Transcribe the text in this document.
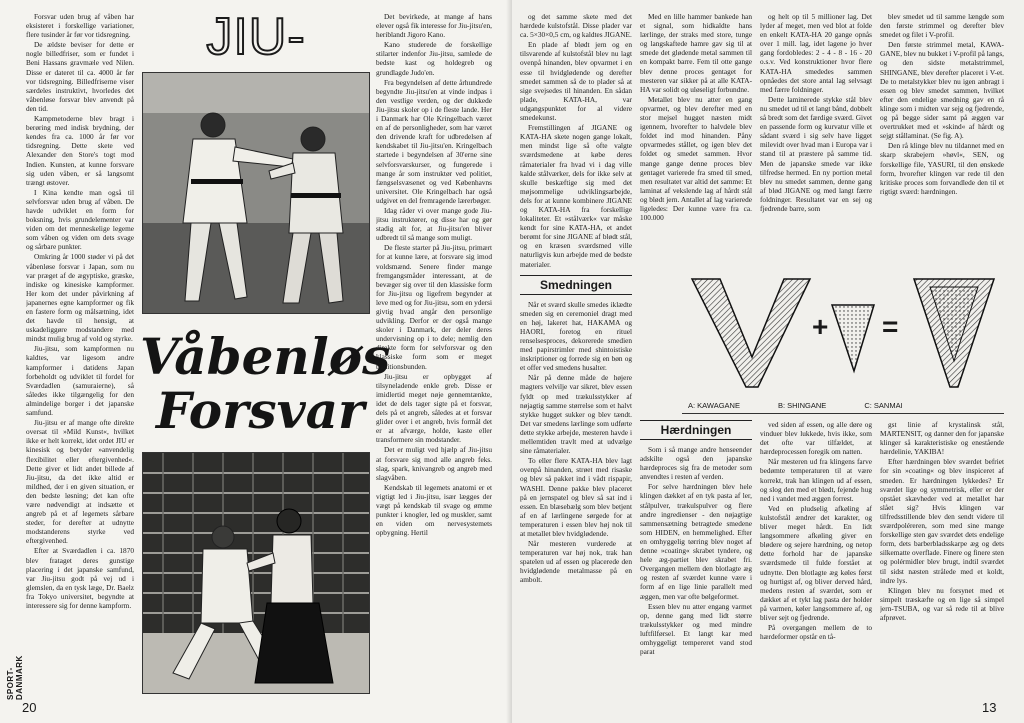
Forsvar uden brug af våben har eksisteret i forskellige variationer, flere tusinder år før vor tidsregning.

De ældste beviser for dette er nogle billedfriser, som er fundet i Beni Hassans gravmæle ved Nilen. Disse er dateret til ca. 4000 år før vor tidsregning. Billedfriserne viser særdeles instruktivt, hvorledes det våbenløse forsvar blev anvendt på den tid.

Kampmetoderne blev bragt i berøring med indisk brydning, der kendes fra ca. 1000 år før vor tidsregning. Dette skete ved Alexander den Store's togt mod Indien. Kunsten, at kunne forsvare sig uden våben, er så langsomt trængt østover.

I Kina kendte man også til selvforsvar uden brug af våben. De havde udviklet en form for boksning, hvis grundelementer var viden om det menneskelige legeme som våben og viden om dets svage og sårbare punkter.

Omkring år 1000 støder vi på det våbenløse forsvar i Japan, som nu var præget af de ægyptiske, græske, indiske og kinesiske kampformer. Her kom det under påvirkning af japanernes egne kampformer og fik en fastere form og målsætning, idet det havde til hensigt, at uskadeliggøre modstandere med mindst mulig brug af vold og styrke.

Jiu-jitsu, som kampformen nu kaldtes, var ligesom andre kampformer i datidens Japan forbeholdt og udviklet til fordel for Sværdadlen (samuraierne), så således ikke tilgængelig for den almindelige borger i det japanske samfund.

Jiu-jitsu er af mange ofte direkte oversat til »Mild Kunst«, hvilket ikke er helt korrekt, idet ordet JIU er kinesisk og betyder »anvendelig flexibilitet eller eftergivenhed«. Dette giver et lidt andet billede af Jiu-jitsu, da det ikke altid er mildhed, der i en given situation, er den bedste løsning; det kan ofte være nødvendigt at indsætte et angreb på et af legemets sårbare steder, for derefter at udnytte modstanderens styrke ved eftergivenhed.

Efter at Sværdadlen i ca. 1870 blev frataget deres gunstige placering i det japanske samfund, var Jiu-jitsu godt på vej ud i glemslen, da en tysk læge, Dr. Baelz fra Tokyo universitet, begyndte at interessere sig for denne kampform.

JIU-
Våbenløs
Forsvar
SPORT-DANMARK
20

Det bevirkede, at mange af hans elever også fik interesse for Jiu-jitsu'en, heriblandt Jigoro Kano.

Kano studerede de forskellige stilarter indenfor Jiu-jitsu, samlede de bedste kast og holdegreb og grundlagde Judo'en.

Fra begyndelsen af dette århundrede begyndte Jiu-jitsu'en at vinde indpas i den vestlige verden, og der dukkede Jiu-jitsu skoler op i de fleste lande. Her i Danmark har Ole Kringelbach været en af de personligheder, som har været den drivende kraft for udbredelsen af kendskabet til Jiu-jitsu'en. Kringelbach startede i begyndelsen af 30'erne sine selvforsvarskurser, og fungerede i mange år som instruktør ved politiet, fængselsvæsenet og ved Københavns universitet. Ole Kringelbach har også udgivet en del fremragende lærerbøger.

Idag råder vi over mange gode Jiu-jitsu instruktører, og disse har og gør stadig alt for, at Jiu-jitsu'en bliver udbredt til så mange som muligt.

De fleste starter på Jiu-jitsu, primært for at kunne lære, at forsvare sig imod voldsmænd. Senere finder mange fremgangsmåder interessant, at de bevæger sig over til den klassiske form for Jiu-jitsu og ligefrem begynder at leve med og for Jiu-jitsu, som en ydersi givtig hvad angår den personlige udvikling. Derfor er der også mange skoler i Danmark, der deler deres undervisning op i to dele; nemlig den direkte form for selvforsvar og den klassiske form som er meget traditionsbunden.

Jiu-jitsu er opbygget af tilsyneladende enkle greb. Disse er imidlertid meget nøje gennemtænkte, idet de dels tager sigte på et forsvar, dels på et angreb, således at et forsvar glider over i et angreb, hvis formål det er at afværge, holde, kaste eller transformere sin modstander.

Det er muligt ved hjælp af Jiu-jitsu at forsvare sig mod alle angreb feks. slag, spark, knivangreb og angreb med slagvåben.

Kendskab til legemets anatomi er et vigtigt led i Jiu-jitsu, især lægges der vægt på kendskab til svage og ømme punkter i knogler, led og muskler, samt en viden om nervesystemets opbygning. Hertil

og det samme skete med det hærdede kulstofstål. Disse plader var ca. 5×30×0,5 cm, og kaldtes JIGANE.

En plade af blødt jern og en tilsvarende af kulstofstål blev nu lagt ovenpå hinanden, blev opvarmet i en esse til hvidglødende og derefter smedet sammen så de to plader så at sige svejsedes til hinanden. En sådan plade, KATA-HA, var udgangspunktet for al videre smedekunst.

Fremstillingen af JIGANE og KATA-HA skete nogen gange lokalt, men mindst lige så ofte valgte sværdsmedene at købe deres råmaterialer fra hvad vi i dag ville kalde stålværker, dels for ikke selv at skulle beskæftige sig med det møjsommelige udviklingsarbejde, dels for at kunne kombinere JIGANE og KATA-HA fra forskellige lokaliteter. Et »stålværk« var måske kendt for sine KATA-HA, et andet berømt for sine JIGANE af blødt stål, og en kræsen sværdsmed ville naturligvis kun arbejde med de bedste materialer.

Smedningen

Når et sværd skulle smedes iklædte smeden sig en ceremoniel dragt med en høj, lakeret hat, HAKAMA og HAORI, foretog en rituel renselsesproces, dekorerede smedien med papirstrimler med shintoistiske inskriptioner og forrede sig en bøn og et offer ved smedens husalter.

Når på denne måde de højere magters velvilje var sikret, blev essen fyldt op med trækulsstykker af nøjagtig samme størrelse som et halvt stykke hugget sukker og blev tændt. Det var smedens lærlinge som udførte dette stykke arbejde, mesteren havde i mellemtiden travlt med at udvælge sine råmaterialer.

To eller flere KATA-HA blev lagt ovenpå hinanden, strøet med risaske og blev så pakket ind i vådt rispapir, WASHI. Denne pakke blev placeret på en jernspatel og blev så sat ind i essen. En blæsebælg som blev betjent af en af lærlingene sørgede for at temperaturen i essen blev høj nok til at metallet blev hvidglødende.

Når mesteren vurderede at temperaturen var høj nok, trak han spatelen ud af essen og placerede den hvidglødende metalmasse på en ambolt.

Med en lille hammer bankede han et signal, som hidkaldte hans lærlinge, der straks med store, tunge og langskaftede hamre gav sig til at smede det glødende metal sammen til en kompakt barre. Fem til otte gange blev denne proces gentaget for mesteren var sikker på at alle KATA-HA var solidt og uløseligt forbundne.

Metallet blev nu atter en gang opvarmet, og blev derefter med en stor mejsel hugget næsten midt igennem, hvorefter to halvdele blev foldet ind mod hinanden. Påny opvarmedes stållet, og igen blev det foldet og smedet sammen. Hvor mange gange denne proces blev gentaget varierede fra smed til smed, men resultatet var altid det samme: Et laminat af vekslende lag af hårdt stål og blødt jern. Antallet af lag varierede ligeledes: Der kunne være fra ca. 100.000

og helt op til 5 millioner lag. Det lyder af meget, men ved blot at folde en enkelt KATA-HA 20 gange opnås over 1 mill. lag, idet lagene jo hver gang fordobledes: 2 - 4 - 8 - 16 - 20 o.s.v. Ved konstruktioner hvor flere KATA-HA smededes sammen opnåedes det store antal lag selvsagt med færre foldninger.

Dette laminerede stykke stål blev nu smedet ud til et langt bånd, dobbelt så bredt som det færdige sværd. Givet en passende form og kurvatur ville et sådant sværd i sig selv have ligget milevidt over hvad man i Europa var i stand til at præstere på samme tid. Men de japanske smede var ikke tilfredse hermed. En ny portion metal blev nu smedet sammen, denne gang af blød JIGANE og med langt færre foldninger. Resultatet var en sej og fjedrende barre, som

blev smedet ud til samme længde som den første strimmel og derefter blev smedet og filet i V-profil.

Den første strimmel metal, KAWA-GANE, blev nu bukket i V-profil på langs, og den sidste metalstrimmel, SHINGANE, blev derefter placeret i V-et. De to metalstykker blev nu igen anbragt i essen og blev smedet sammen, hvilket efter den endelige smedning gav en rå klinge som i midten var sejg og fjedrende, og på begge sider samt på æggen var overtrukket med et »skind« af hårdt og sejgt stållaminat. (Se fig. A).

Den rå klinge blev nu tildannet med en skarp skrabejern »høvl«, SEN, og forskellige file, YASURI, til den ønskede form, hvorefter klingen var rede til den kritiske proces som forvandlede den til et rigtigt sværd: hærdningen.

+ =
A: KAWAGANE	B: SHINGANE	C: SANMAI
Hærdningen

Som i så mange andre henseender adskilte også den japanske hærdeproces sig fra de metoder som anvendtes i resten af verden.

For selve hærdningen blev hele klingen dækket af en tyk pasta af ler, stålpulver, trækulspulver og flere andre ingredienser - den nøjagtige sammensætning betragtede smedene som HIDEN, en hemmelighed. Efter en omhyggelig tørring blev noget af denne »coating« skrabet tyndere, og hele æg-partiet blev skrabet fri. Overgangen mellem den blotlagte æg og resten af sværdet kunne være i form af en lige linie parallelt med æggen, men var ofte bølgeformet.

Essen blev nu atter engang varmet op, denne gang med lidt større trækulsstykker og med mindre luftfilførsel. Et langt kar med omhyggeligt tempereret vand stod parat

ved siden af essen, og alle døre og vinduer blev lukkede, hvis ikke, som det ofte var tilfældet, at hærdeprocessen foregik om natten.

Når mesteren ud fra klingens farve bedømte temperaturen til at være korrekt, trak han klingen ud af essen, og slog den med et blødt, fejende hug ned i vandet med æggen forrest.

Ved en pludselig afkøling af kulstofstål ændrer det karakter, og bliver meget hårdt. En lidt langsommere afkøling giver en blødere og sejere hærdning, og netop dette forhold har de japanske sværdsmede til fulde forstået at udnytte. Den blotlagte æg køles først og hurtigst af, og bliver derved hård, medens resten af sværdet, som er dækket af et tykt lag pasta der holder på varmen, køler langsommere af, og bliver sejt og fjedrende.

På overgangen mellem de to hærdeformer opstår en tå-

gst linie af krystalinsk stål, MARTENSIT, og danner den for japanske klinger så karakteristiske og enestående hærdelinie, YAKIBA!

Efter hærdningen blev sværdet befriet for sin »coating« og blev inspiceret af smeden. Er hærdningen lykkedes? Er sværdet lige og symmetrisk, eller er der opstået skævheder ved at metallet har slået sig? Hvis klingen var tilfredsstillende blev den sendt videre til sværdpoléreren, som med sine mange forskellige sten gav sværdet dets endelige form, dets barberbladsskarpe æg og dets silkematte overflade. Finere og finere sten og polérmidler blev brugt, indtil sværdet til sidst næsten strålede med et koldt, indre lys.

Klingen blev nu forsynet med et simpelt træskæfte og en lige så simpel jern-TSUBA, og var så rede til at blive afprøvet.

13
